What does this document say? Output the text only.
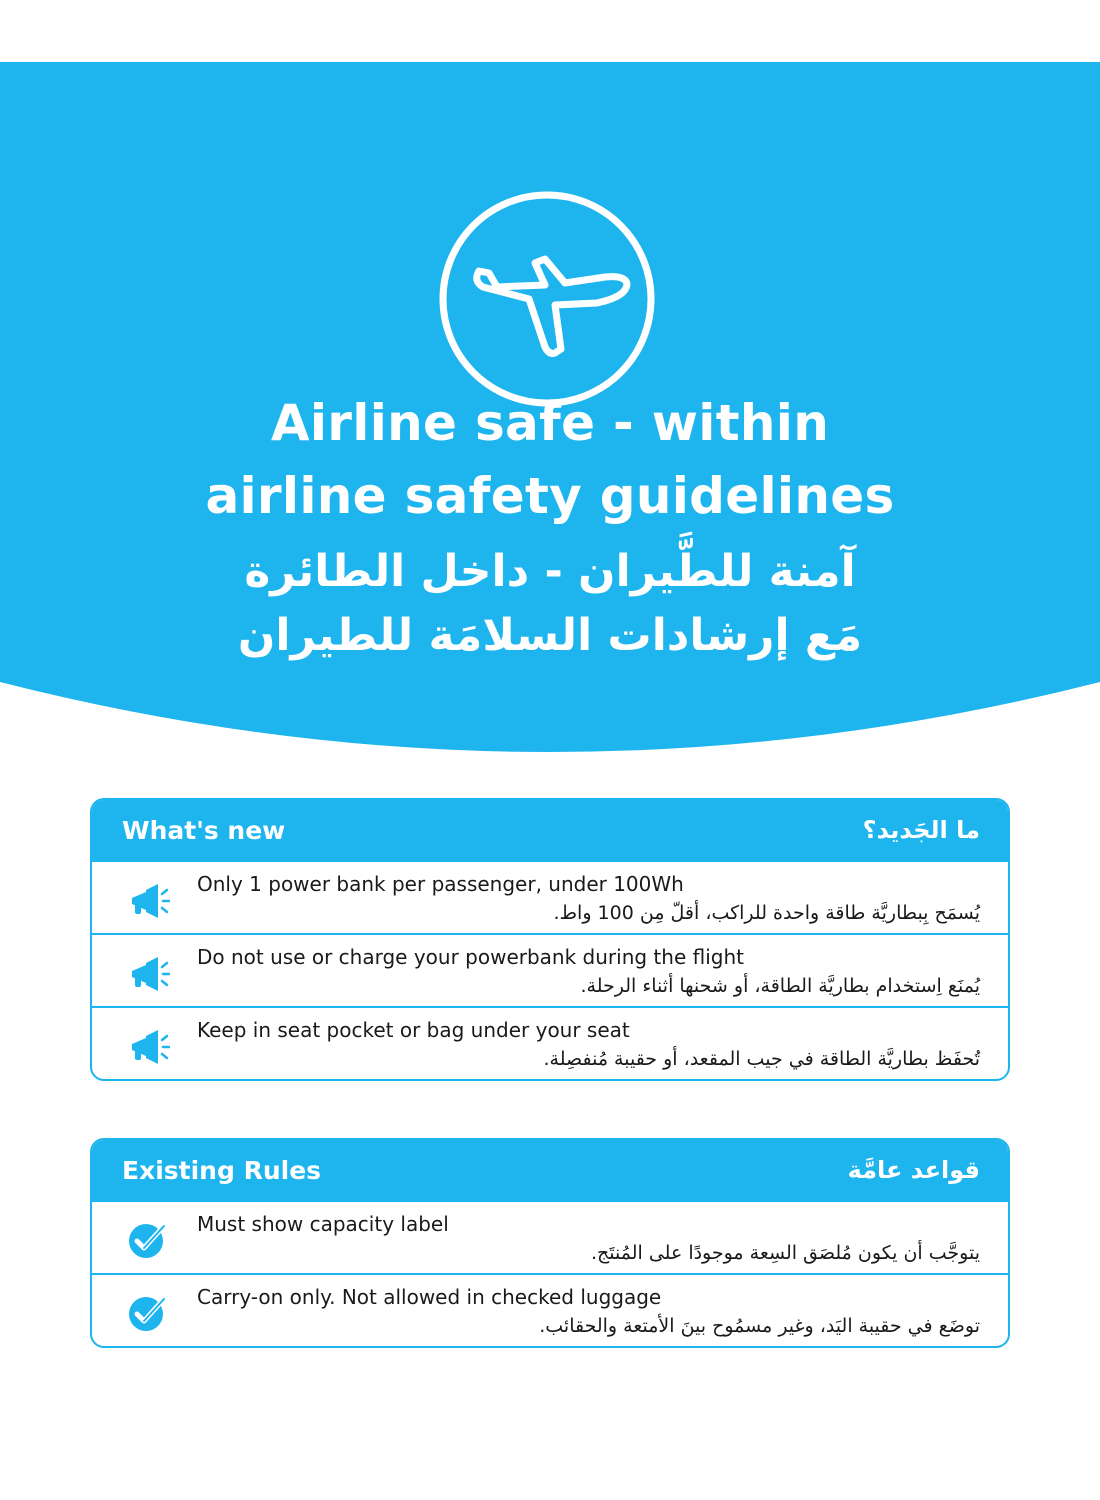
Airline safe - within
airline safety guidelines
آمنة للطَّيران - داخل الطائرة
مَع إرشادات السلامَة للطيران
What's new	ما الجَديد؟
Only 1 power bank per passenger, under 100Wh
يُسمَح بِبطاريَّة طاقة واحدة للراكب، أقلّ مِن 100 واط.
Do not use or charge your powerbank during the flight
يُمنَع اِستخدام بطاريَّة الطاقة، أو شحنها أثناء الرحلة.
Keep in seat pocket or bag under your seat
تُحفَظ بطاريَّة الطاقة في جيب المقعد، أو حقيبة مُنفصِلة.
Existing Rules	قواعد عامَّة
Must show capacity label
يتوجَّب أن يكون مُلصَق السِعة موجودًا على المُنتَج.
Carry-on only. Not allowed in checked luggage
توضَع في حقيبة اليَد، وغير مسمُوح بينَ الأمتعة والحقائب.
